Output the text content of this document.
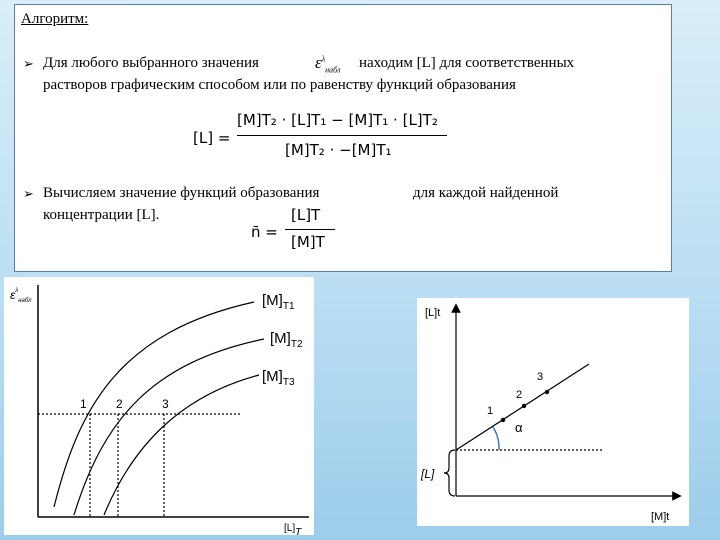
Алгоритм:
➢ Для любого выбранного значения	$\varepsilon^\lambda_{набл}$ находим [L] для соответственных
растворов графическим способом или по равенству функций образования
[L] =
[M]T₂ · [L]T₁ − [M]T₁ · [L]T₂
[M]T₂ · −[M]T₁
➢ Вычисляем значение функций образования	для каждой найденной
концентрации [L].
n̄ =
[L]T
[M]T
$\varepsilon^\lambda_{набл}$
1 2	3
$[M]_{T1}$
$[M]_{T2}$
$[M]_{T3}$
[L]T
[L]t
[M]t
α
1
2
3
[L]
